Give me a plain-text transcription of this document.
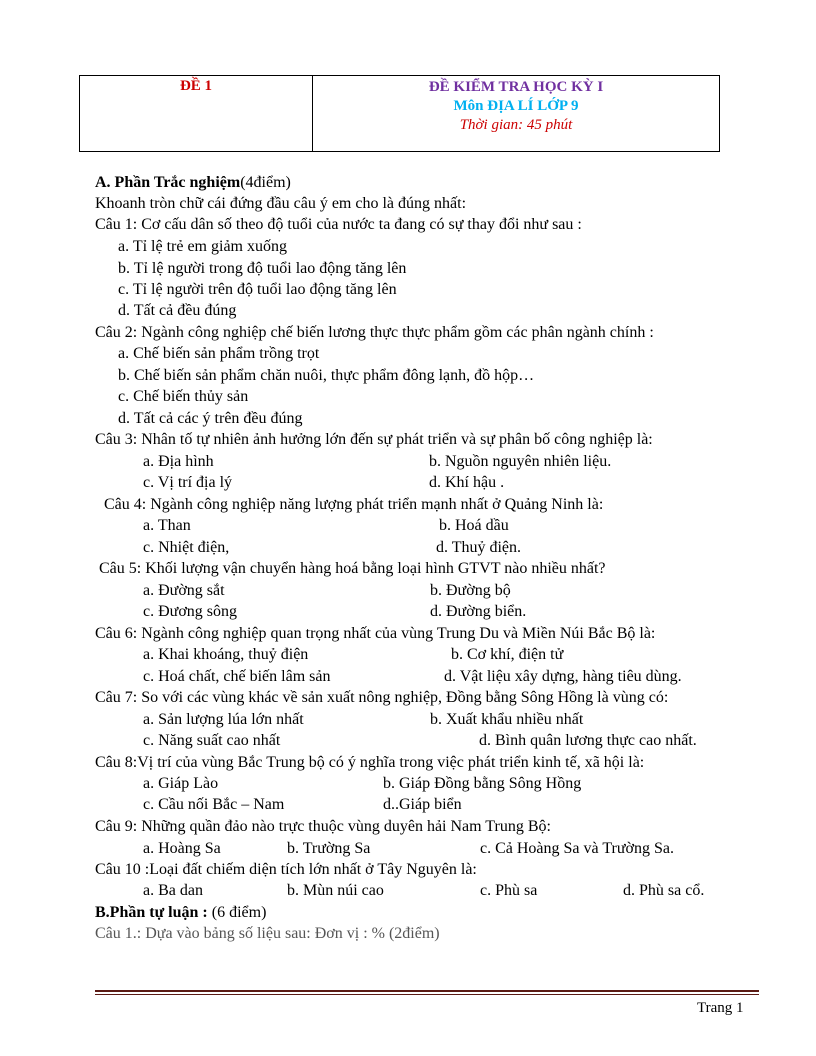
ĐỀ 1	ĐỀ KIỂM TRA HỌC KỲ I
Môn ĐỊA LÍ LỚP 9
Thời gian: 45 phút
A. Phần Trắc nghiệm(4điểm)
Khoanh tròn chữ cái đứng đầu câu ý em cho là đúng nhất:
Câu 1: Cơ cấu dân số theo độ tuổi của nước ta đang có sự thay đổi như sau :
a. Tỉ lệ trẻ em giảm xuống
b. Tỉ lệ người trong độ tuổi lao động tăng lên
c. Tỉ lệ người trên độ tuổi lao động tăng lên
d. Tất cả đều đúng
Câu 2: Ngành công nghiệp chế biến lương thực thực phẩm gồm các phân ngành chính :
a. Chế biến sản phẩm trồng trọt
b. Chế biến sản phẩm chăn nuôi, thực phẩm đông lạnh, đồ hộp…
c. Chế biến thủy sản
d. Tất cả các ý trên đều đúng
Câu 3: Nhân tố tự nhiên ảnh hưởng lớn đến sự phát triển và sự phân bố công nghiệp là:
a. Địa hình	b. Nguồn nguyên nhiên liệu.
c. Vị trí địa lý	d. Khí hậu .
Câu 4: Ngành công nghiệp năng lượng phát triển mạnh nhất ở Quảng Ninh là:
a. Than	b. Hoá dầu
c. Nhiệt điện,	d. Thuỷ điện.
Câu 5: Khối lượng vận chuyển hàng hoá bằng loại hình GTVT nào nhiều nhất?
a. Đường sắt	b. Đường bộ
c. Đương sông	d. Đường biển.
Câu 6: Ngành công nghiệp quan trọng nhất của vùng Trung Du và Miền Núi Bắc Bộ là:
a. Khai khoáng, thuỷ điện	b. Cơ khí, điện tử
c. Hoá chất, chế biến lâm sản	d. Vật liệu xây dựng, hàng tiêu dùng.
Câu 7: So với các vùng khác về sản xuất nông nghiệp, Đồng bằng Sông Hồng là vùng có:
a. Sản lượng lúa lớn nhất	b. Xuất khẩu nhiều nhất
c. Năng suất cao nhất	d. Bình quân lương thực cao nhất.
Câu 8:Vị trí của vùng Bắc Trung bộ có ý nghĩa trong việc phát triển kinh tế, xã hội là:
a. Giáp Lào	b. Giáp Đồng bằng Sông Hồng
c. Cầu nối Bắc – Nam	d..Giáp biển
Câu 9: Những quần đảo nào trực thuộc vùng duyên hải Nam Trung Bộ:
a. Hoàng Sa	b. Trường Sa	c. Cả Hoàng Sa và Trường Sa.
Câu 10 :Loại đất chiếm diện tích lớn nhất ở Tây Nguyên là:
a. Ba dan	b. Mùn núi cao	c. Phù sa	d. Phù sa cổ.
B.Phần tự luận : (6 điểm)
Câu 1.: Dựa vào bảng số liệu sau: Đơn vị : % (2điểm)
Trang 1
